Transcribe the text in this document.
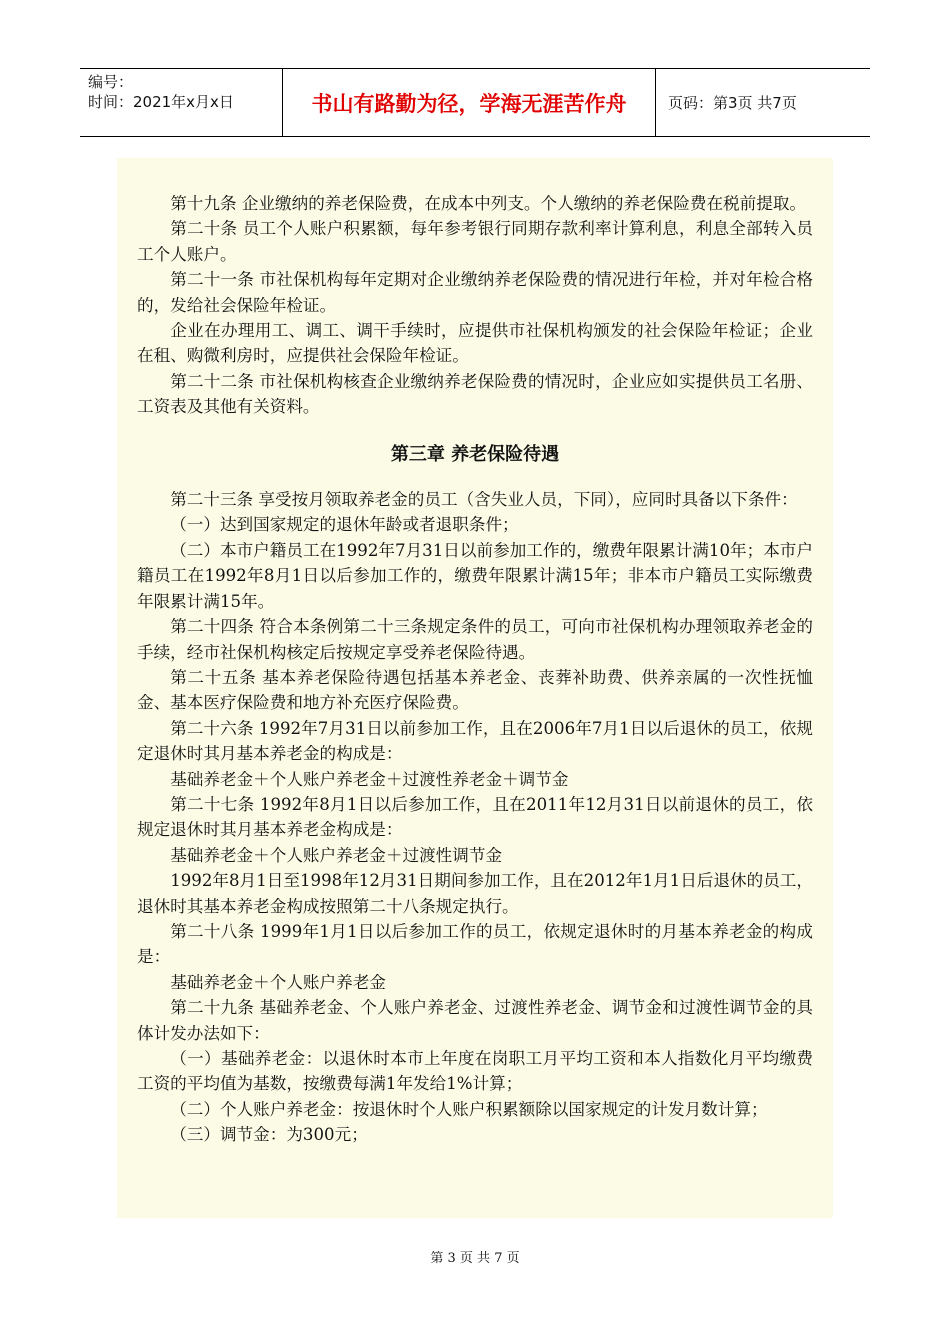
编号：
时间：2021年x月x日	书山有路勤为径，学海无涯苦作舟	页码：第3页 共7页

第十九条 企业缴纳的养老保险费，在成本中列支。个人缴纳的养老保险费在税前提取。

第二十条 员工个人账户积累额，每年参考银行同期存款利率计算利息，利息全部转入员工个人账户。

第二十一条 市社保机构每年定期对企业缴纳养老保险费的情况进行年检，并对年检合格的，发给社会保险年检证。

企业在办理用工、调工、调干手续时，应提供市社保机构颁发的社会保险年检证；企业在租、购微利房时，应提供社会保险年检证。

第二十二条 市社保机构核查企业缴纳养老保险费的情况时，企业应如实提供员工名册、工资表及其他有关资料。

第三章 养老保险待遇

第二十三条 享受按月领取养老金的员工（含失业人员，下同），应同时具备以下条件：

（一）达到国家规定的退休年龄或者退职条件；

（二）本市户籍员工在1992年7月31日以前参加工作的，缴费年限累计满10年；本市户籍员工在1992年8月1日以后参加工作的，缴费年限累计满15年；非本市户籍员工实际缴费年限累计满15年。

第二十四条 符合本条例第二十三条规定条件的员工，可向市社保机构办理领取养老金的手续，经市社保机构核定后按规定享受养老保险待遇。

第二十五条 基本养老保险待遇包括基本养老金、丧葬补助费、供养亲属的一次性抚恤金、基本医疗保险费和地方补充医疗保险费。

第二十六条 1992年7月31日以前参加工作，且在2006年7月1日以后退休的员工，依规定退休时其月基本养老金的构成是：

基础养老金＋个人账户养老金＋过渡性养老金＋调节金

第二十七条 1992年8月1日以后参加工作，且在2011年12月31日以前退休的员工，依规定退休时其月基本养老金构成是：

基础养老金＋个人账户养老金＋过渡性调节金

1992年8月1日至1998年12月31日期间参加工作，且在2012年1月1日后退休的员工，退休时其基本养老金构成按照第二十八条规定执行。

第二十八条 1999年1月1日以后参加工作的员工，依规定退休时的月基本养老金的构成是：

基础养老金＋个人账户养老金

第二十九条 基础养老金、个人账户养老金、过渡性养老金、调节金和过渡性调节金的具体计发办法如下：

（一）基础养老金：以退休时本市上年度在岗职工月平均工资和本人指数化月平均缴费工资的平均值为基数，按缴费每满1年发给1%计算；

（二）个人账户养老金：按退休时个人账户积累额除以国家规定的计发月数计算；

（三）调节金：为300元；

第 3 页 共 7 页
